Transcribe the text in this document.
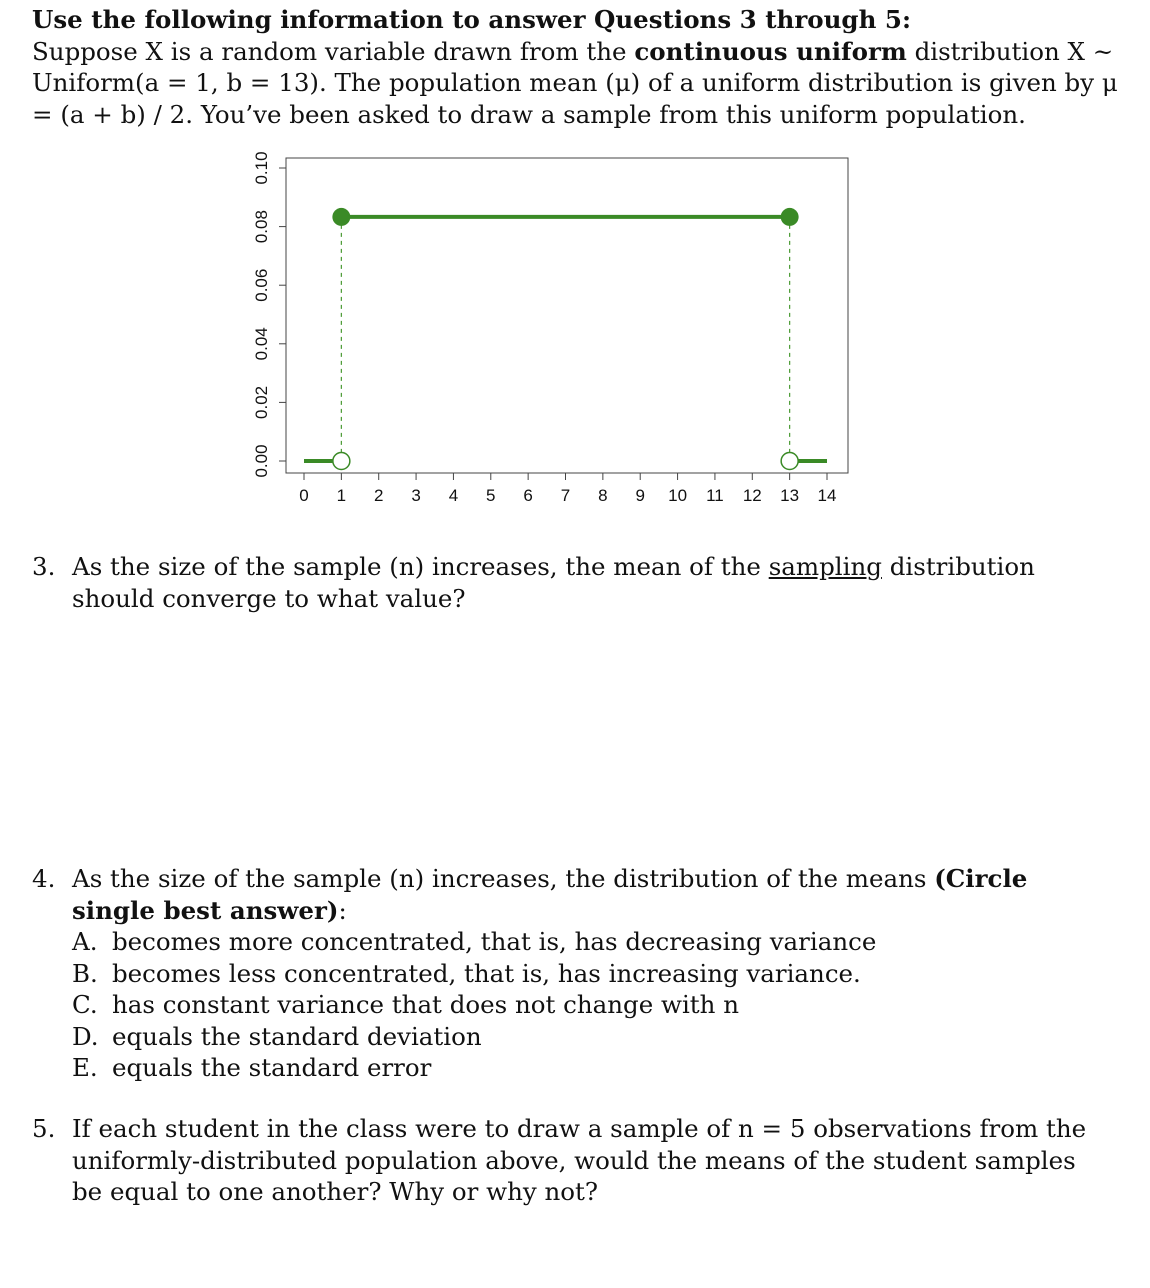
Use the following information to answer Questions 3 through 5:
Suppose X is a random variable drawn from the continuous uniform distribution X ~ Uniform(a = 1, b = 13). The population mean (μ) of a uniform distribution is given by μ = (a + b) / 2. You’ve been asked to draw a sample from this uniform population.
0 1 2 3 4 5 6 7 8 9 10 11 12 13 14
0.00
0.02
0.04
0.06
0.08
0.10
3. As the size of the sample (n) increases, the mean of the sampling distribution should converge to what value?
4. As the size of the sample (n) increases, the distribution of the means (Circle single best answer):
A. becomes more concentrated, that is, has decreasing variance
B. becomes less concentrated, that is, has increasing variance.
C. has constant variance that does not change with n
D. equals the standard deviation
E. equals the standard error
5. If each student in the class were to draw a sample of n = 5 observations from the uniformly-distributed population above, would the means of the student samples be equal to one another? Why or why not?
